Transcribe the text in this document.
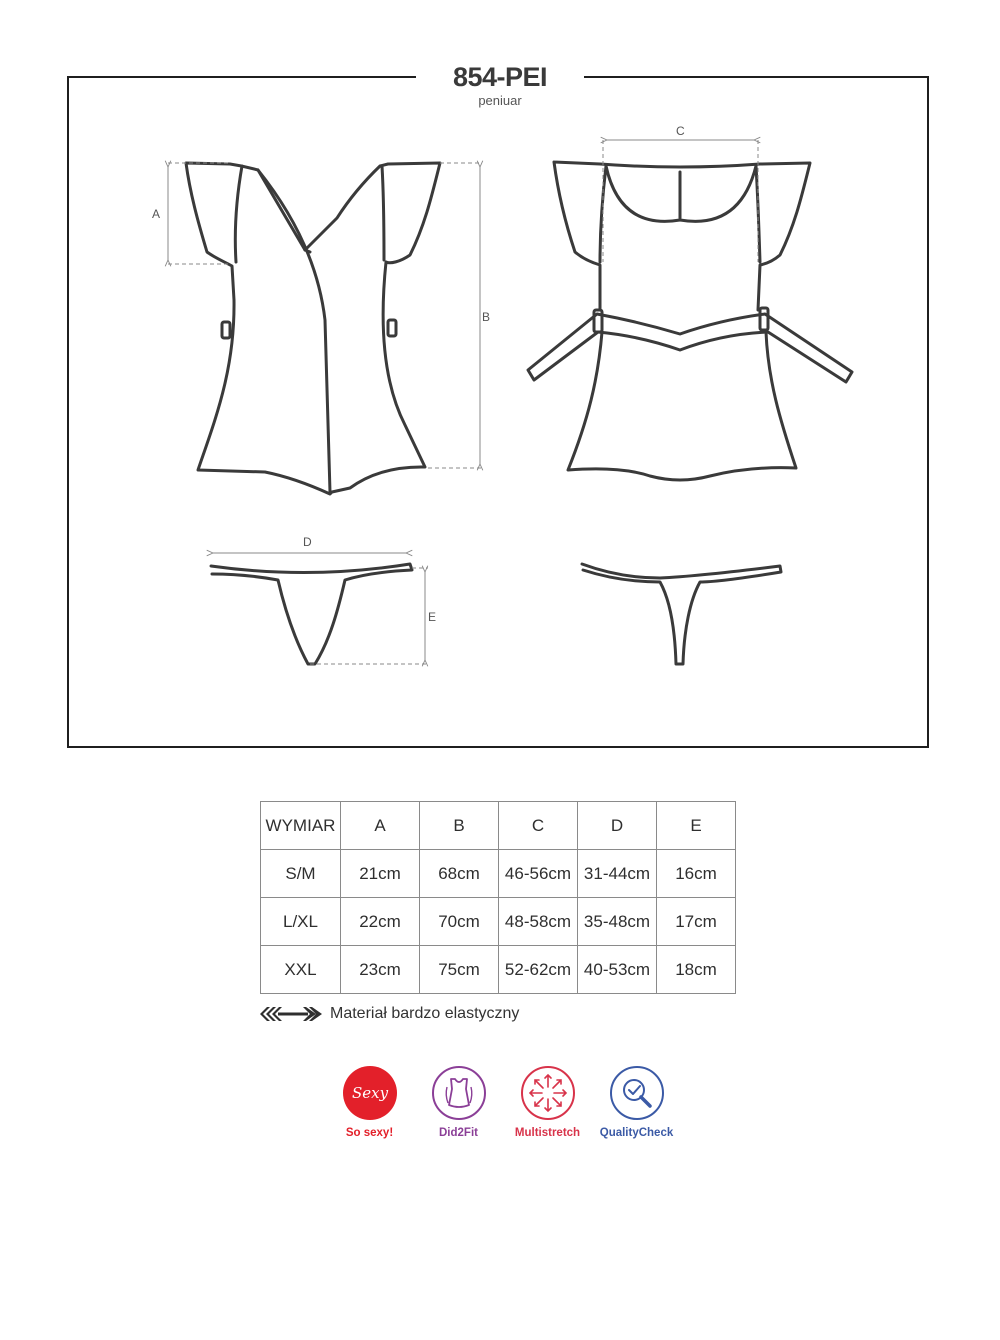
A
B
C
D
E
854-PEI
peniuar
WYMIAR	A	B	C	D	E
S/M	21cm	68cm	46-56cm	31-44cm	16cm
L/XL	22cm	70cm	48-58cm	35-48cm	17cm
XXL	23cm	75cm	52-62cm	40-53cm	18cm
Materiał bardzo elastyczny
Sexy
So sexy!	Did2Fit	Multistretch	QualityCheck
